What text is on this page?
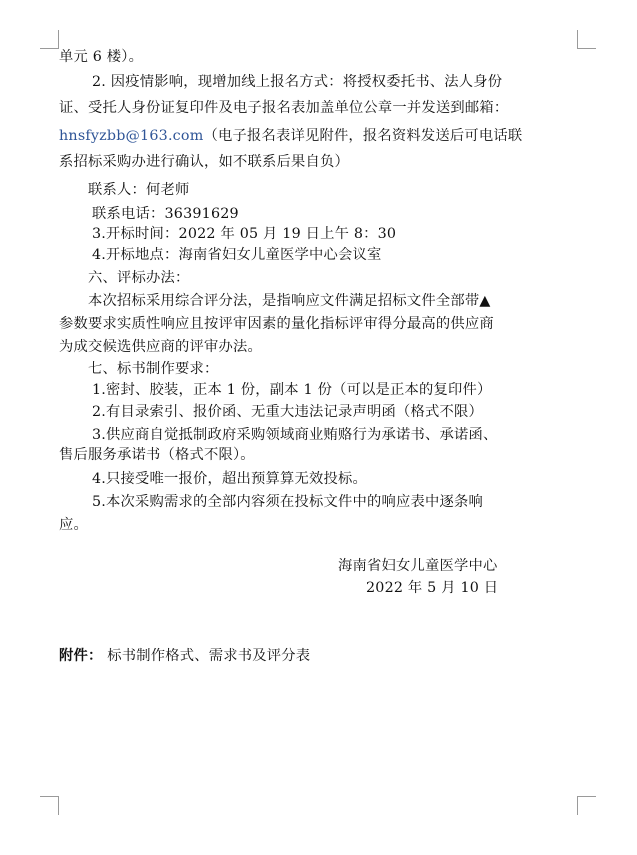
单元 6 楼）。
2. 因疫情影响，现增加线上报名方式：将授权委托书、法人身份
证、受托人身份证复印件及电子报名表加盖单位公章一并发送到邮箱：
hnsfyzbb@163.com（电子报名表详见附件，报名资料发送后可电话联
系招标采购办进行确认，如不联系后果自负）
联系人：何老师
联系电话：36391629
3.开标时间：2022 年 05 月 19 日上午 8：30
4.开标地点：海南省妇女儿童医学中心会议室
六、评标办法：
本次招标采用综合评分法，是指响应文件满足招标文件全部带▲
参数要求实质性响应且按评审因素的量化指标评审得分最高的供应商
为成交候选供应商的评审办法。
七、标书制作要求：
1.密封、胶装，正本 1 份，副本 1 份（可以是正本的复印件）
2.有目录索引、报价函、无重大违法记录声明函（格式不限）
3.供应商自觉抵制政府采购领域商业贿赂行为承诺书、承诺函、
售后服务承诺书（格式不限）。
4.只接受唯一报价，超出预算算无效投标。
5.本次采购需求的全部内容须在投标文件中的响应表中逐条响
应。
海南省妇女儿童医学中心
2022 年 5 月 10 日
附件： 标书制作格式、需求书及评分表
